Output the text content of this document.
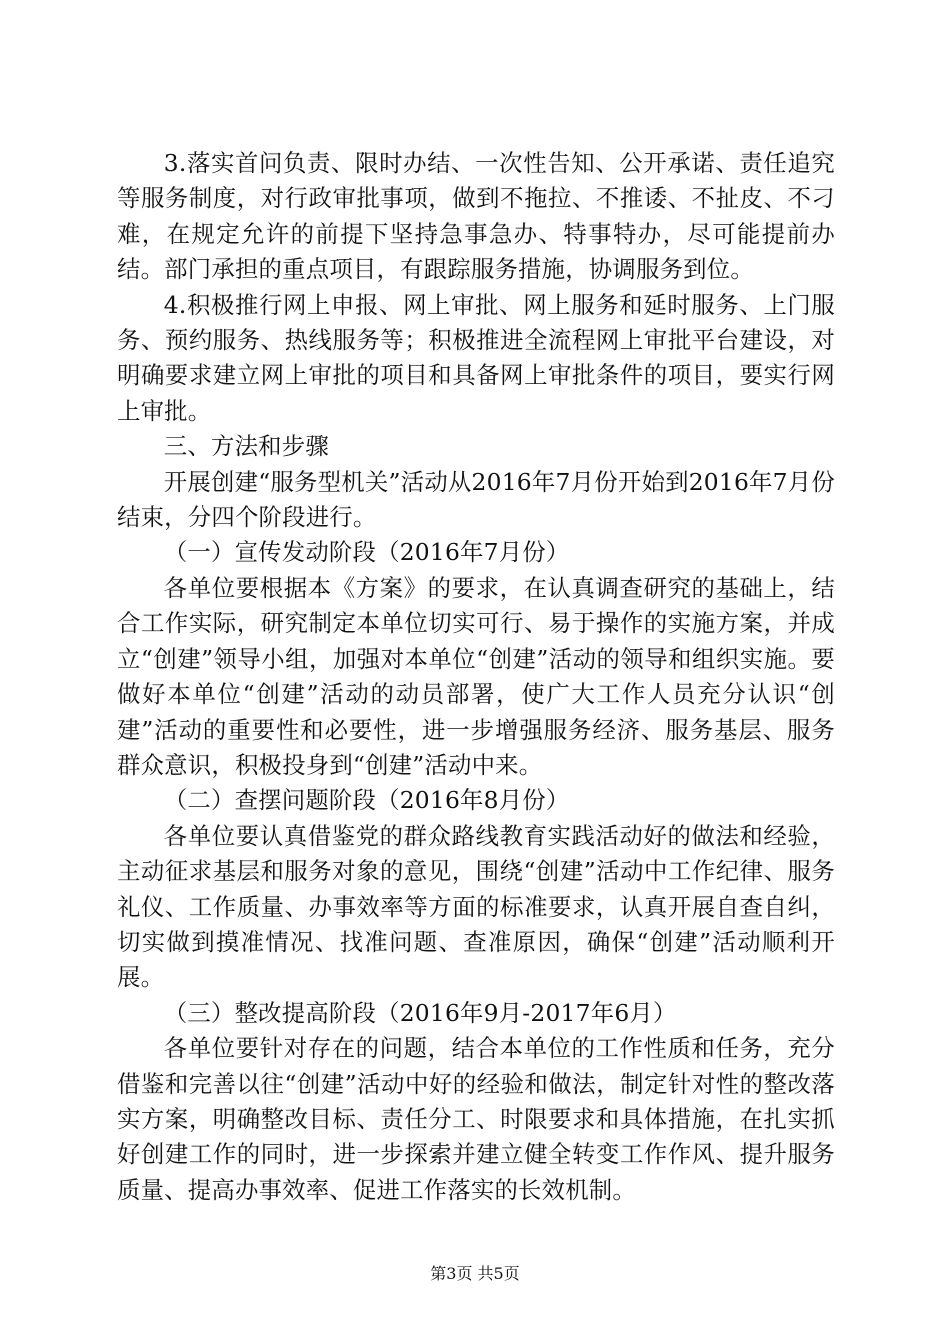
3.落实首问负责、限时办结、一次性告知、公开承诺、责任追究等服务制度，对行政审批事项，做到不拖拉、不推诿、不扯皮、不刁难，在规定允许的前提下坚持急事急办、特事特办，尽可能提前办结。部门承担的重点项目，有跟踪服务措施，协调服务到位。

4.积极推行网上申报、网上审批、网上服务和延时服务、上门服务、预约服务、热线服务等；积极推进全流程网上审批平台建设，对明确要求建立网上审批的项目和具备网上审批条件的项目，要实行网上审批。

三、方法和步骤

开展创建“服务型机关”活动从2016年7月份开始到2016年7月份结束，分四个阶段进行。

（一）宣传发动阶段（2016年7月份）

各单位要根据本《方案》的要求，在认真调查研究的基础上，结合工作实际，研究制定本单位切实可行、易于操作的实施方案，并成立“创建”领导小组，加强对本单位“创建”活动的领导和组织实施。要做好本单位“创建”活动的动员部署，使广大工作人员充分认识“创建”活动的重要性和必要性，进一步增强服务经济、服务基层、服务群众意识，积极投身到“创建”活动中来。

（二）查摆问题阶段（2016年8月份）

各单位要认真借鉴党的群众路线教育实践活动好的做法和经验，主动征求基层和服务对象的意见，围绕“创建”活动中工作纪律、服务礼仪、工作质量、办事效率等方面的标准要求，认真开展自查自纠，切实做到摸准情况、找准问题、查准原因，确保“创建”活动顺利开展。

（三）整改提高阶段（2016年9月-2017年6月）

各单位要针对存在的问题，结合本单位的工作性质和任务，充分借鉴和完善以往“创建”活动中好的经验和做法，制定针对性的整改落实方案，明确整改目标、责任分工、时限要求和具体措施，在扎实抓好创建工作的同时，进一步探索并建立健全转变工作作风、提升服务质量、提高办事效率、促进工作落实的长效机制。

第3页 共5页
